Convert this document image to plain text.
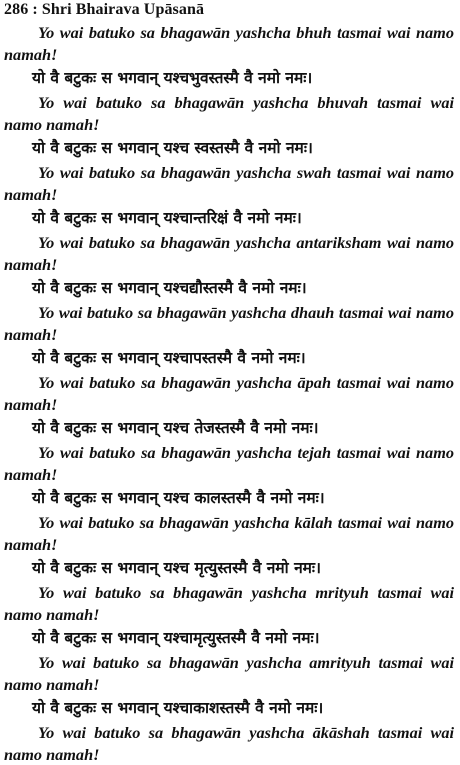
286 : Shri Bhairava Upāsanā

Yo wai batuko sa bhagawān yashcha bhuh tasmai wai namo namah!

यो वै बटुकः स भगवान् यश्चभुवस्तस्मै वै नमो नमः।

Yo wai batuko sa bhagawān yashcha bhuvah tasmai wai namo namah!

यो वै बटुकः स भगवान् यश्च स्वस्तस्मै वै नमो नमः।

Yo wai batuko sa bhagawān yashcha swah tasmai wai namo namah!

यो वै बटुकः स भगवान् यश्चान्तरिक्षं वै नमो नमः।

Yo wai batuko sa bhagawān yashcha antariksham wai namo namah!

यो वै बटुकः स भगवान् यश्चद्यौस्तस्मै वै नमो नमः।

Yo wai batuko sa bhagawān yashcha dhauh tasmai wai namo namah!

यो वै बटुकः स भगवान् यश्चापस्तस्मै वै नमो नमः।

Yo wai batuko sa bhagawān yashcha āpah tasmai wai namo namah!

यो वै बटुकः स भगवान् यश्च तेजस्तस्मै वै नमो नमः।

Yo wai batuko sa bhagawān yashcha tejah tasmai wai namo namah!

यो वै बटुकः स भगवान् यश्च कालस्तस्मै वै नमो नमः।

Yo wai batuko sa bhagawān yashcha kālah tasmai wai namo namah!

यो वै बटुकः स भगवान् यश्च मृत्युस्तस्मै वै नमो नमः।

Yo wai batuko sa bhagawān yashcha mrityuh tasmai wai namo namah!

यो वै बटुकः स भगवान् यश्चामृत्युस्तस्मै वै नमो नमः।

Yo wai batuko sa bhagawān yashcha amrityuh tasmai wai namo namah!

यो वै बटुकः स भगवान् यश्चाकाशस्तस्मै वै नमो नमः।

Yo wai batuko sa bhagawān yashcha ākāshah tasmai wai namo namah!
